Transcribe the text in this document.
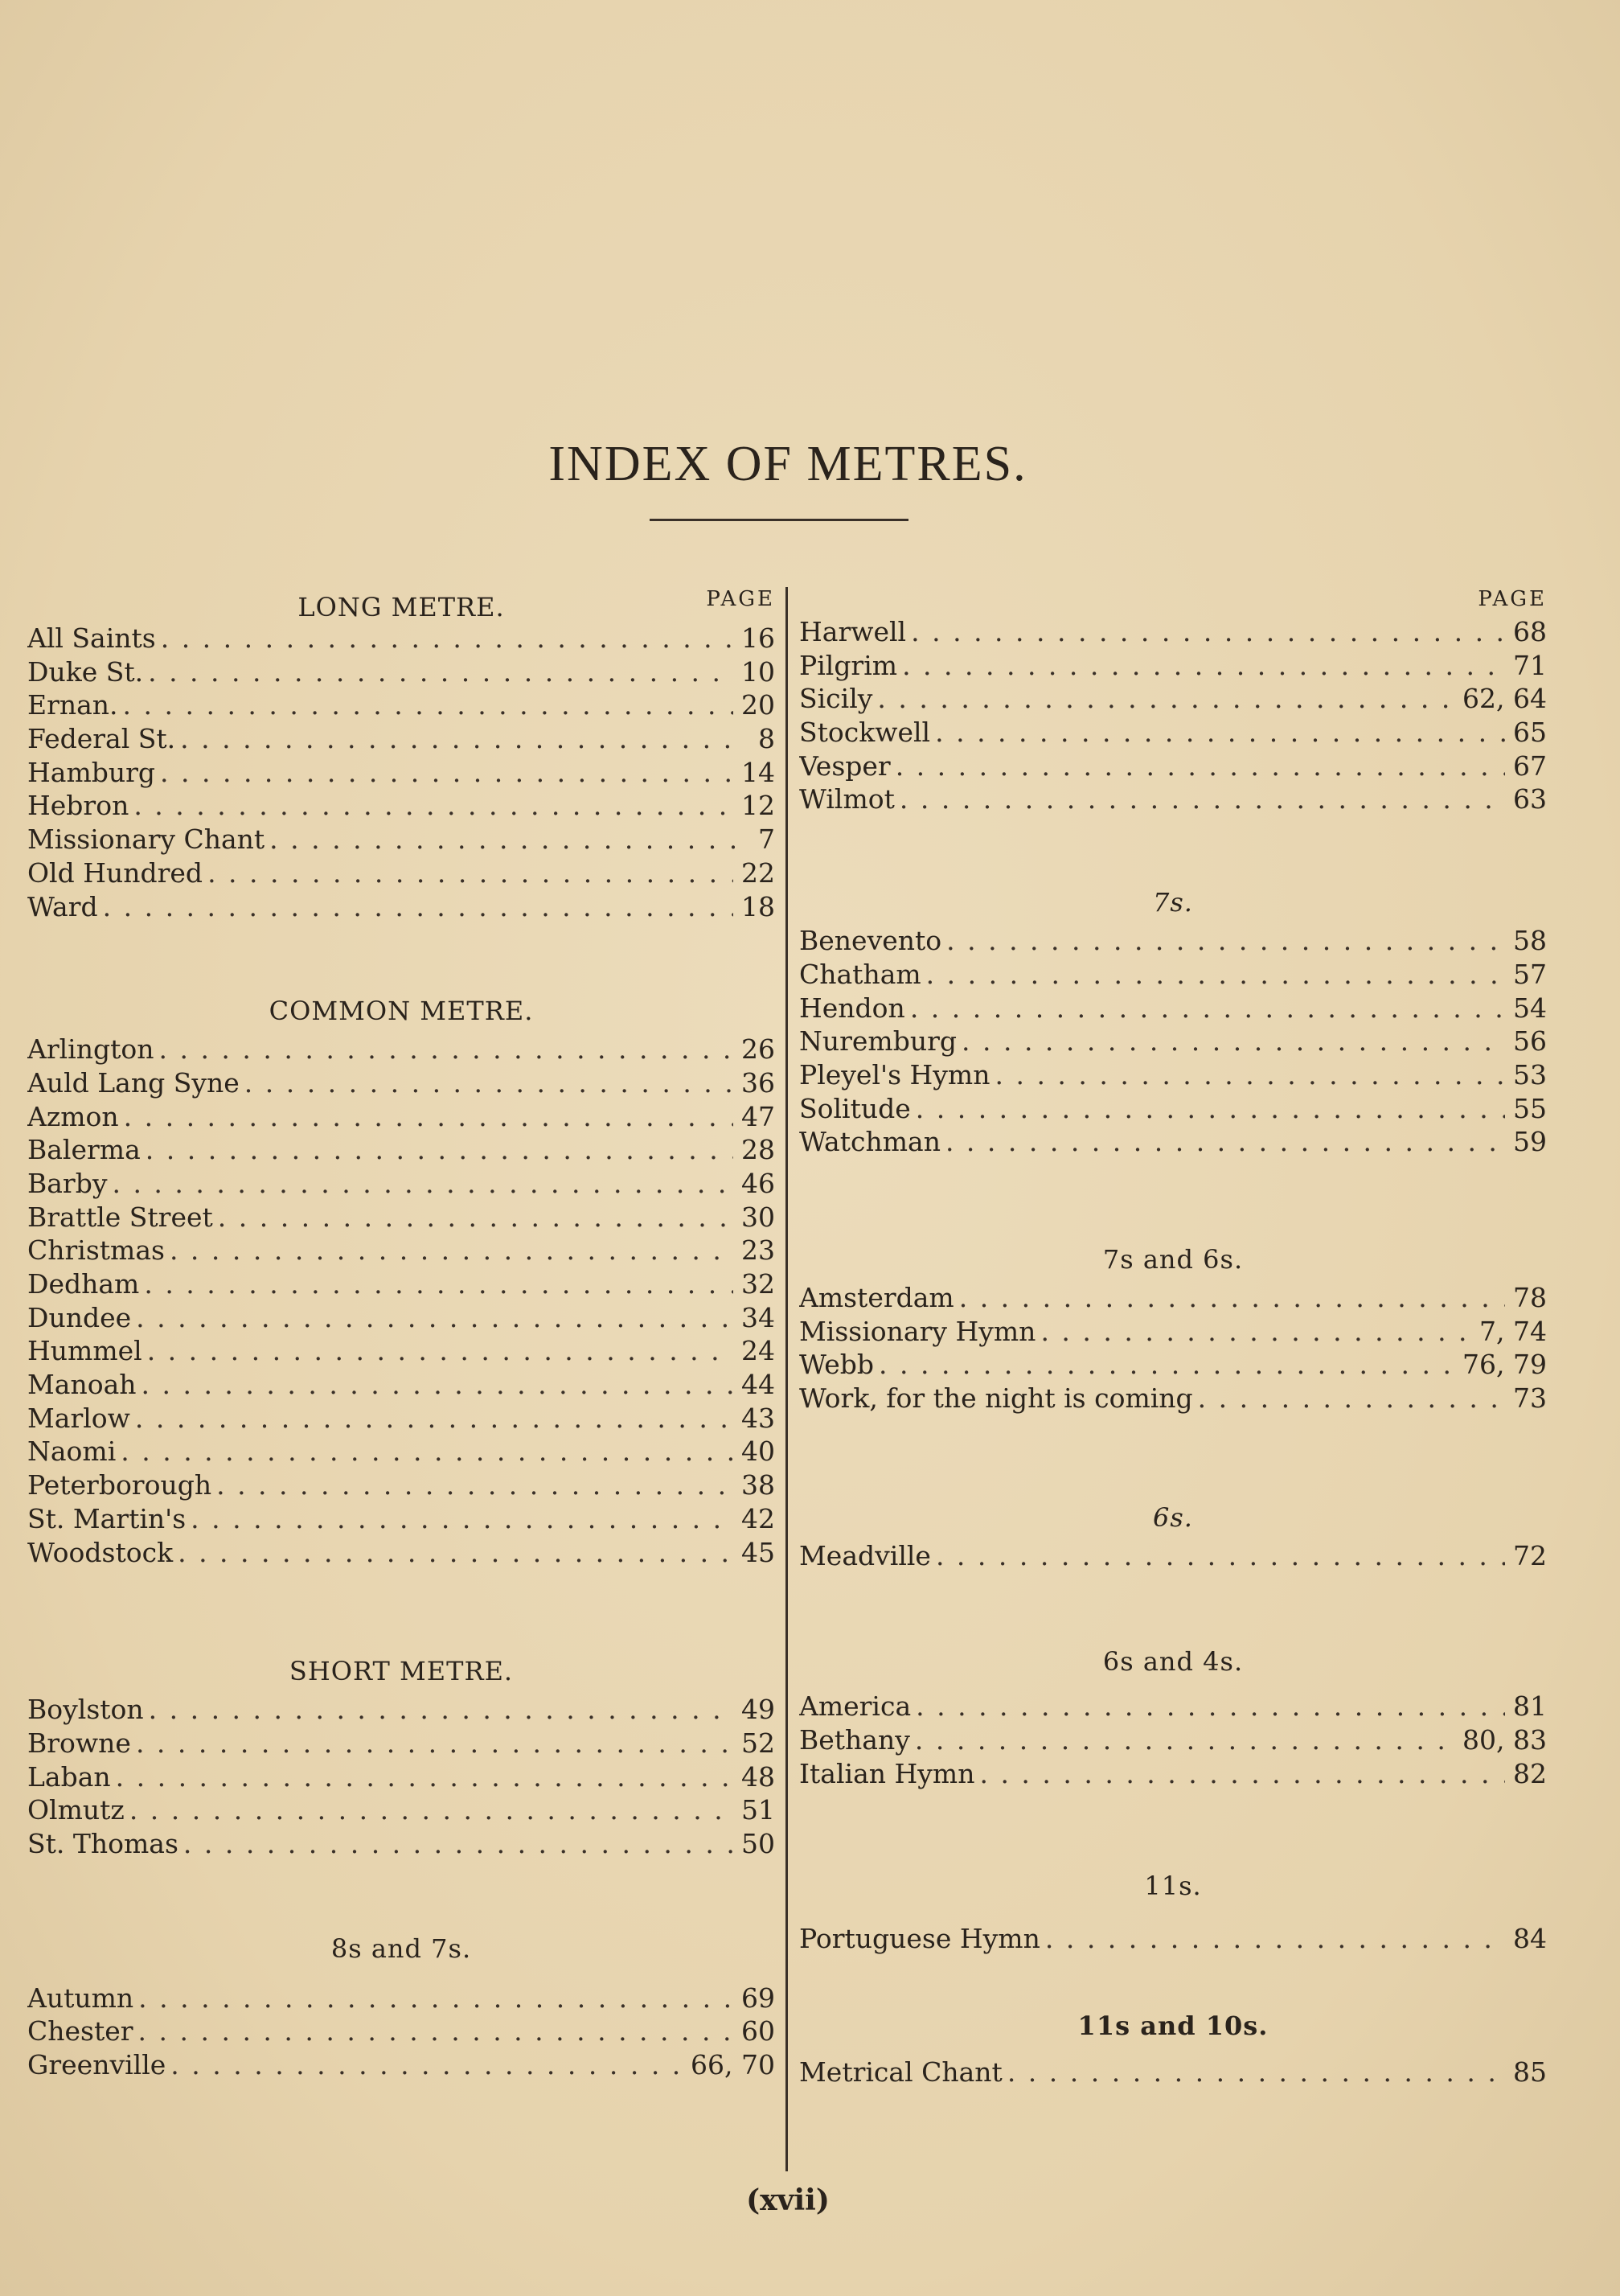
INDEX OF METRES.
PAGE
LONG METRE.
All Saints . . .	16
Duke St. . . .	10
Ernan. . . .	20
Federal St. . . .	8
Hamburg . . .	14
Hebron . . .	12
Missionary Chant . . .	7
Old Hundred . . .	22
Ward . . .	18
COMMON METRE.
Arlington . . .	26
Auld Lang Syne . . .	36
Azmon . . .	47
Balerma . . .	28
Barby . . .	46
Brattle Street . . .	30
Christmas . . .	23
Dedham . . .	32
Dundee . . .	34
Hummel . . .	24
Manoah . . .	44
Marlow . . .	43
Naomi . . .	40
Peterborough . . .	38
St. Martin's . . .	42
Woodstock . . .	45
SHORT METRE.
Boylston . . .	49
Browne . . .	52
Laban . . .	48
Olmutz . . .	51
St. Thomas . . .	50
8s and 7s.
Autumn . . .	69
Chester . . .	60
Greenville . . .	66, 70
PAGE
Harwell . . .	68
Pilgrim . . .	71
Sicily . . .	62, 64
Stockwell . . .	65
Vesper . . .	67
Wilmot . . .	63
7s.
Benevento . . .	58
Chatham . . .	57
Hendon . . .	54
Nuremburg . . .	56
Pleyel's Hymn . . .	53
Solitude . . .	55
Watchman . . .	59
7s and 6s.
Amsterdam . . .	78
Missionary Hymn . . .	7, 74
Webb . . .	76, 79
Work, for the night is coming . . .	73
6s.
Meadville . . .	72
6s and 4s.
America . . .	81
Bethany . . .	80, 83
Italian Hymn . . .	82
11s.
Portuguese Hymn . . .	84
11s and 10s.
Metrical Chant . . .	85
(xvii)
